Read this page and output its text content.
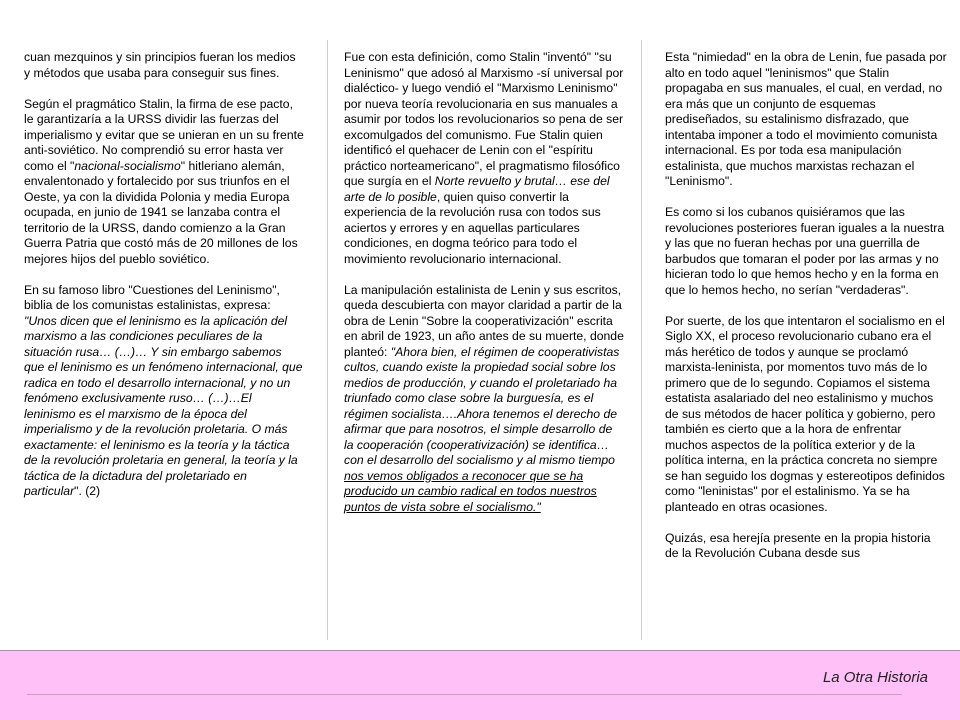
cuan mezquinos y sin principios fueran los medios y métodos que usaba para conseguir sus fines.

Según el pragmático Stalin, la firma de ese pacto, le garantizaría a la URSS dividir las fuerzas del imperialismo y evitar que se unieran en un su frente anti-soviético. No comprendió su error hasta ver como el "nacional-socialismo" hitleriano alemán, envalentonado y fortalecido por sus triunfos en el Oeste, ya con la dividida Polonia y media Europa ocupada, en junio de 1941 se lanzaba contra el territorio de la URSS, dando comienzo a la Gran Guerra Patria que costó más de 20 millones de los mejores hijos del pueblo soviético.

En su famoso libro "Cuestiones del Leninismo", biblia de los comunistas estalinistas, expresa: "Unos dicen que el leninismo es la aplicación del marxismo a las condiciones peculiares de la situación rusa… (…)… Y sin embargo sabemos que el leninismo es un fenómeno internacional, que radica en todo el desarrollo internacional, y no un fenómeno exclusivamente ruso… (…)…El leninismo es el marxismo de la época del imperialismo y de la revolución proletaria. O más exactamente: el leninismo es la teoría y la táctica de la revolución proletaria en general, la teoría y la táctica de la dictadura del proletariado en particular". (2)

Fue con esta definición, como Stalin "inventó" "su Leninismo" que adosó al Marxismo -sí universal por dialéctico- y luego vendió el "Marxismo Leninismo" por nueva teoría revolucionaria en sus manuales a asumir por todos los revolucionarios so pena de ser excomulgados del comunismo. Fue Stalin quien identificó el quehacer de Lenin con el "espíritu práctico norteamericano", el pragmatismo filosófico que surgía en el Norte revuelto y brutal… ese del arte de lo posible, quien quiso convertir la experiencia de la revolución rusa con todos sus aciertos y errores y en aquellas particulares condiciones, en dogma teórico para todo el movimiento revolucionario internacional.

La manipulación estalinista de Lenin y sus escritos, queda descubierta con mayor claridad a partir de la obra de Lenin "Sobre la cooperativización" escrita en abril de 1923, un año antes de su muerte, donde planteó: "Ahora bien, el régimen de cooperativistas cultos, cuando existe la propiedad social sobre los medios de producción, y cuando el proletariado ha triunfado como clase sobre la burguesía, es el régimen socialista….Ahora tenemos el derecho de afirmar que para nosotros, el simple desarrollo de la cooperación (cooperativización) se identifica…con el desarrollo del socialismo y al mismo tiempo nos vemos obligados a reconocer que se ha producido un cambio radical en todos nuestros puntos de vista sobre el socialismo."

Esta "nimiedad" en la obra de Lenin, fue pasada por alto en todo aquel "leninismos" que Stalin propagaba en sus manuales, el cual, en verdad, no era más que un conjunto de esquemas prediseñados, su estalinismo disfrazado, que intentaba imponer a todo el movimiento comunista internacional. Es por toda esa manipulación estalinista, que muchos marxistas rechazan el "Leninismo".

Es como si los cubanos quisiéramos que las revoluciones posteriores fueran iguales a la nuestra y las que no fueran hechas por una guerrilla de barbudos que tomaran el poder por las armas y no hicieran todo lo que hemos hecho y en la forma en que lo hemos hecho, no serían "verdaderas".

Por suerte, de los que intentaron el socialismo en el Siglo XX, el proceso revolucionario cubano era el más herético de todos y aunque se proclamó marxista-leninista, por momentos tuvo más de lo primero que de lo segundo. Copiamos el sistema estatista asalariado del neo estalinismo y muchos de sus métodos de hacer política y gobierno, pero también es cierto que a la hora de enfrentar muchos aspectos de la política exterior y de la política interna, en la práctica concreta no siempre se han seguido los dogmas y estereotipos definidos como "leninistas" por el estalinismo. Ya se ha planteado en otras ocasiones.

Quizás, esa herejía presente en la propia historia de la Revolución Cubana desde sus

La Otra Historia
